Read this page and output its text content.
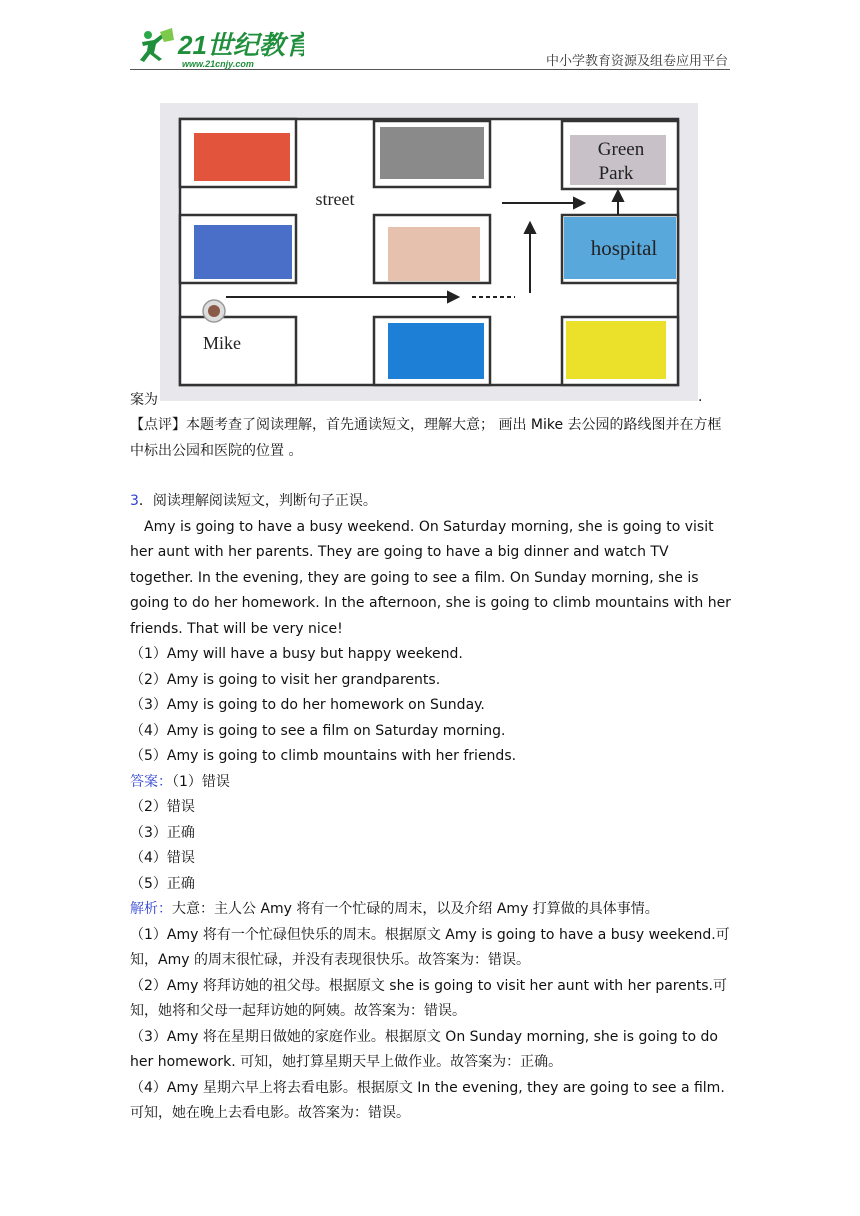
21世纪教育
www.21cnjy.com	中小学教育资源及组卷应用平台
Green
Park
street
hospital
Mike
案为	.

【点评】本题考查了阅读理解，首先通读短文，理解大意； 画出 Mike 去公园的路线图并在方框中标出公园和医院的位置 。

3．阅读理解阅读短文，判断句子正误。

Amy is going to have a busy weekend. On Saturday morning, she is going to visit her aunt with her parents. They are going to have a big dinner and watch TV together. In the evening, they are going to see a film. On Sunday morning, she is going to do her homework. In the afternoon, she is going to climb mountains with her friends. That will be very nice!

（1）Amy will have a busy but happy weekend.

（2）Amy is going to visit her grandparents.

（3）Amy is going to do her homework on Sunday.

（4）Amy is going to see a film on Saturday morning.

（5）Amy is going to climb mountains with her friends.

答案：（1）错误

（2）错误

（3）正确

（4）错误

（5）正确

解析：大意：主人公 Amy 将有一个忙碌的周末，以及介绍 Amy 打算做的具体事情。

（1）Amy 将有一个忙碌但快乐的周末。根据原文 Amy is going to have a busy weekend.可知，Amy 的周末很忙碌，并没有表现很快乐。故答案为：错误。

（2）Amy 将拜访她的祖父母。根据原文 she is going to visit her aunt with her parents.可知，她将和父母一起拜访她的阿姨。故答案为：错误。

（3）Amy 将在星期日做她的家庭作业。根据原文 On Sunday morning, she is going to do her homework. 可知，她打算星期天早上做作业。故答案为：正确。

（4）Amy 星期六早上将去看电影。根据原文 In the evening, they are going to see a film. 可知，她在晚上去看电影。故答案为：错误。
